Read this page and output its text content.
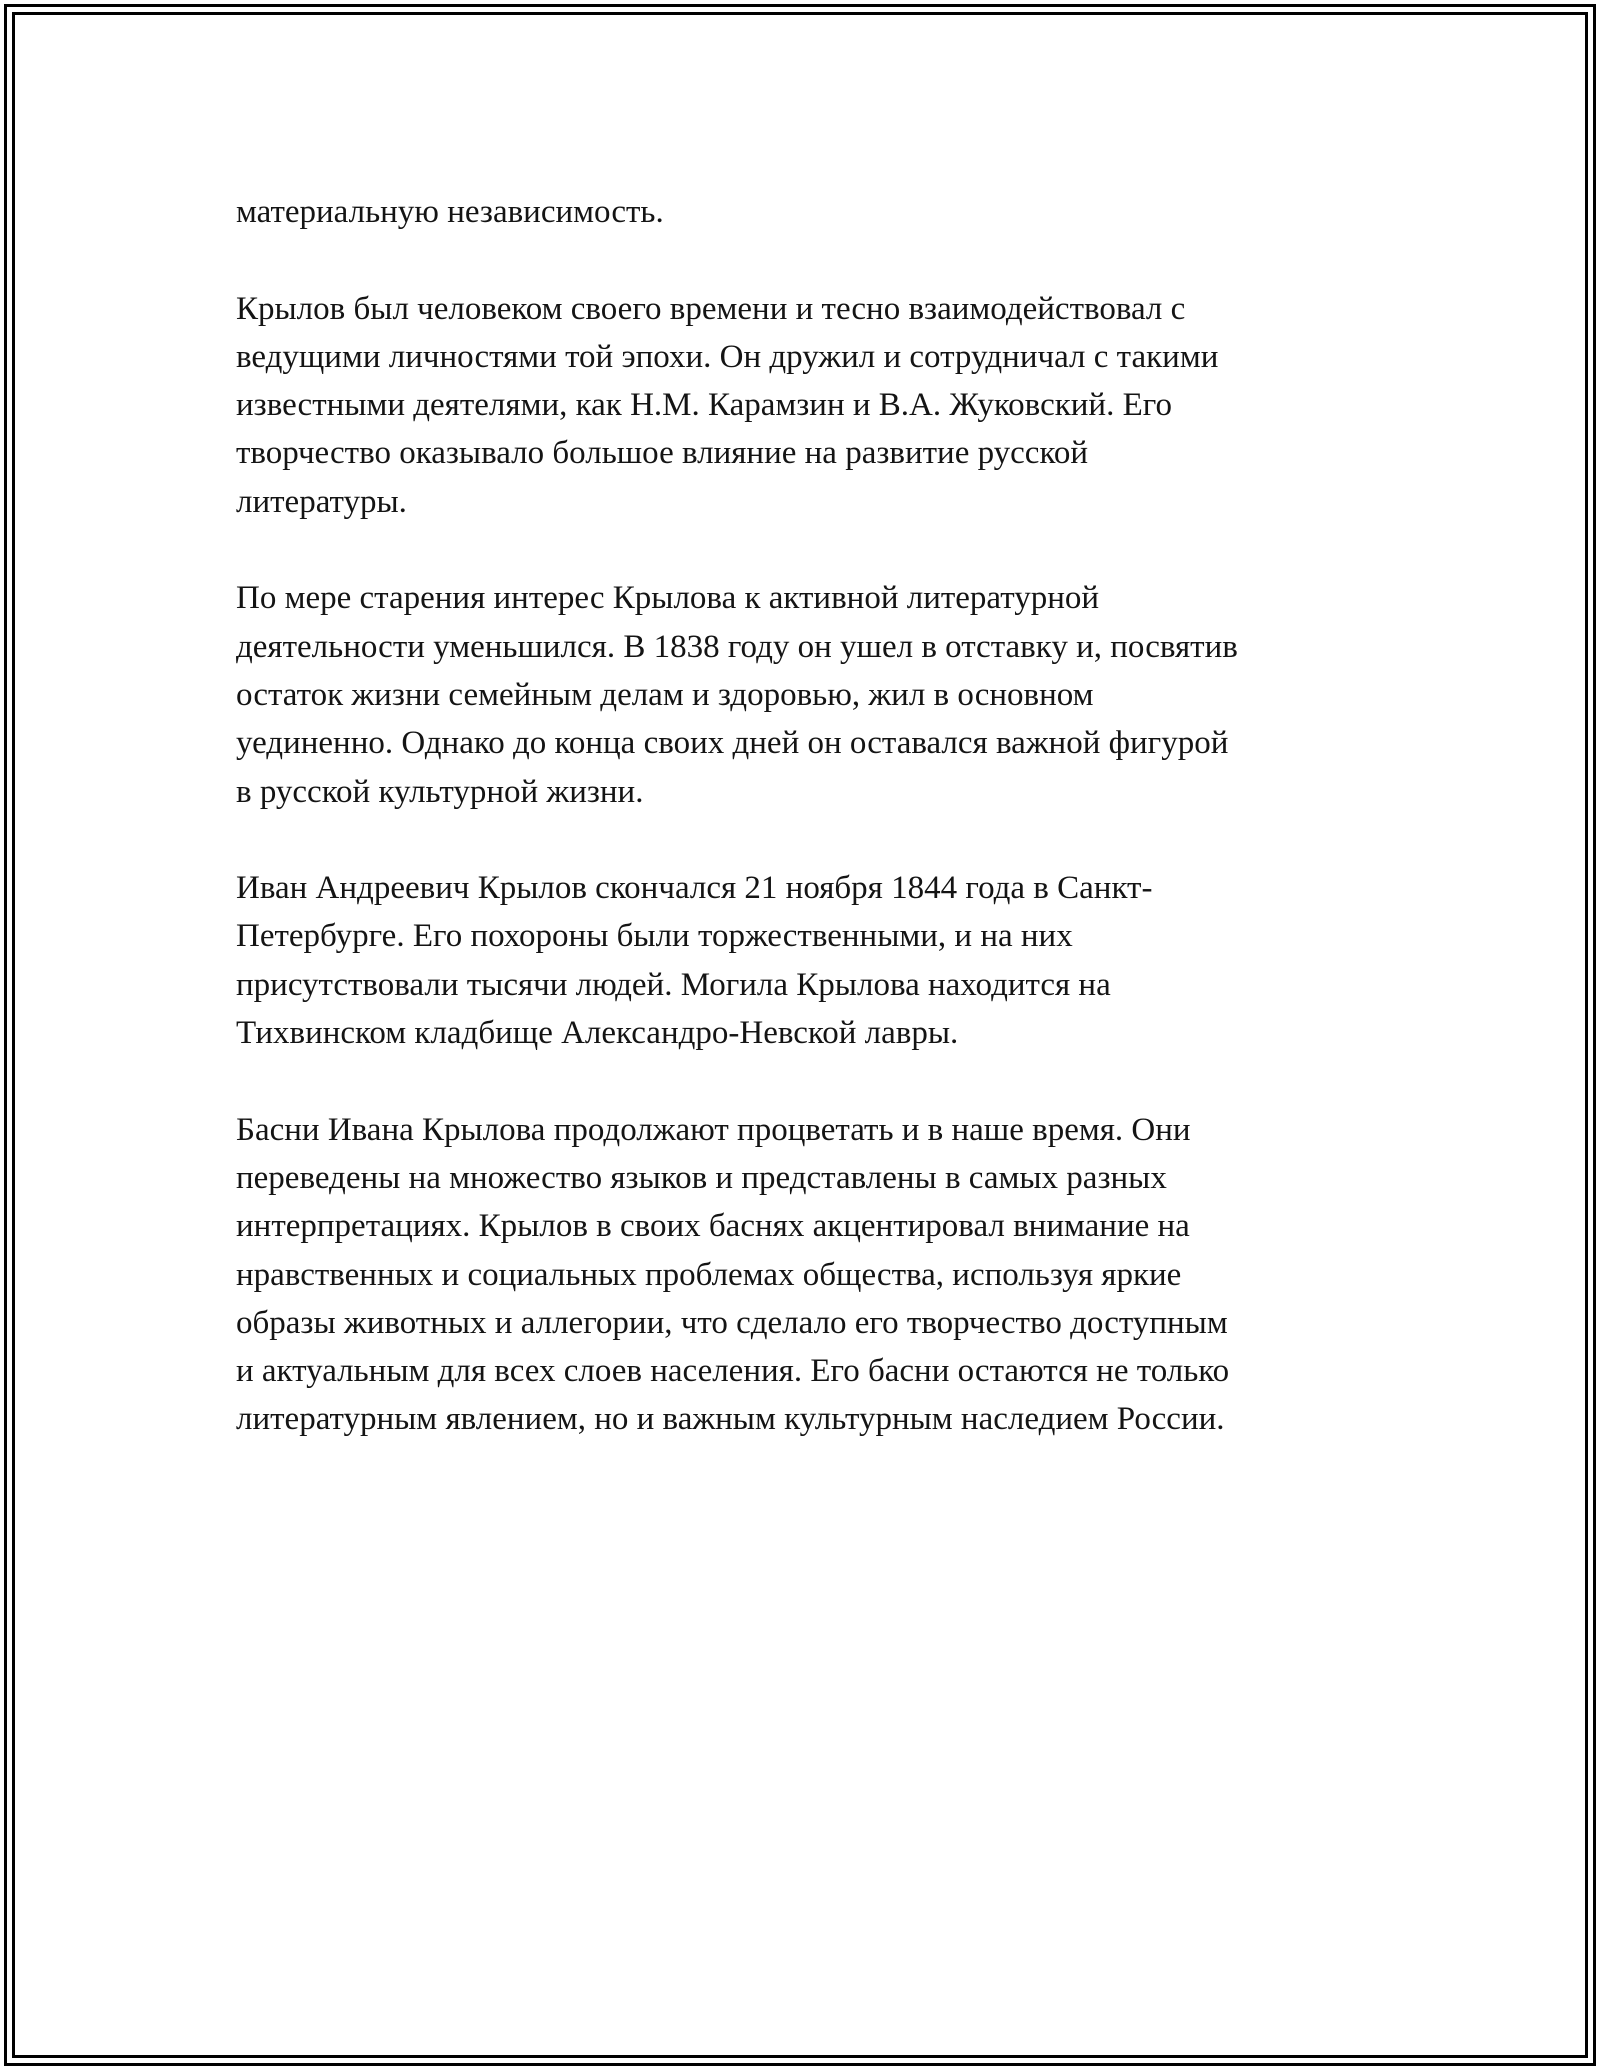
материальную независимость.

Крылов был человеком своего времени и тесно взаимодействовал с
ведущими личностями той эпохи. Он дружил и сотрудничал с такими
известными деятелями, как Н.М. Карамзин и В.А. Жуковский. Его
творчество оказывало большое влияние на развитие русской
литературы.

По мере старения интерес Крылова к активной литературной
деятельности уменьшился. В 1838 году он ушел в отставку и, посвятив
остаток жизни семейным делам и здоровью, жил в основном
уединенно. Однако до конца своих дней он оставался важной фигурой
в русской культурной жизни.

Иван Андреевич Крылов скончался 21 ноября 1844 года в Санкт-
Петербурге. Его похороны были торжественными, и на них
присутствовали тысячи людей. Могила Крылова находится на
Тихвинском кладбище Александро-Невской лавры.

Басни Ивана Крылова продолжают процветать и в наше время. Они
переведены на множество языков и представлены в самых разных
интерпретациях. Крылов в своих баснях акцентировал внимание на
нравственных и социальных проблемах общества, используя яркие
образы животных и аллегории, что сделало его творчество доступным
и актуальным для всех слоев населения. Его басни остаются не только
литературным явлением, но и важным культурным наследием России.
